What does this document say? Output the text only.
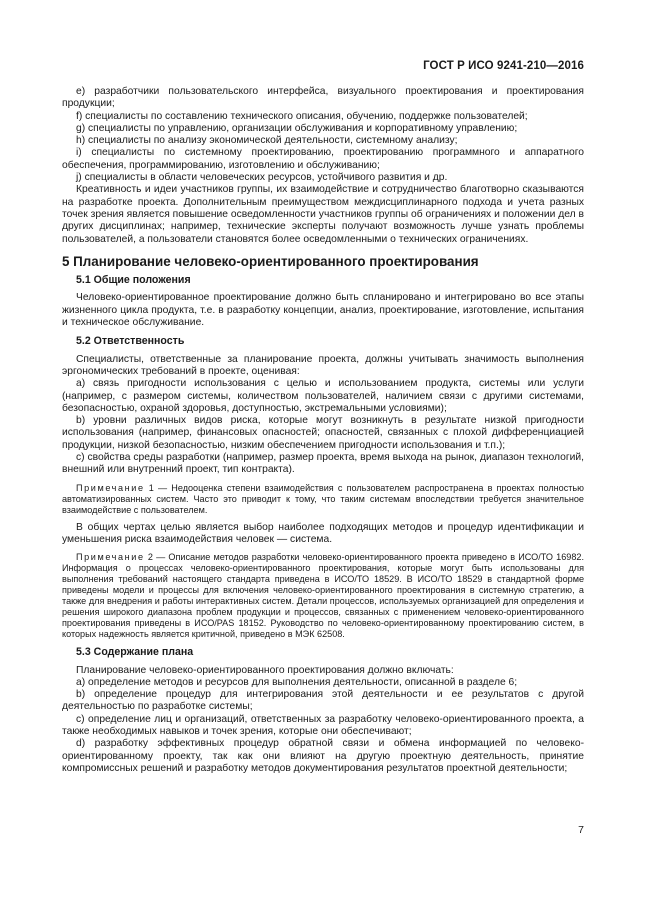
ГОСТ Р ИСО 9241-210—2016

e) разработчики пользовательского интерфейса, визуального проектирования и проектирования продукции;

f) специалисты по составлению технического описания, обучению, поддержке пользователей;

g) специалисты по управлению, организации обслуживания и корпоративному управлению;

h) специалисты по анализу экономической деятельности, системному анализу;

i) специалисты по системному проектированию, проектированию программного и аппаратного обеспечения, программированию, изготовлению и обслуживанию;

j) специалисты в области человеческих ресурсов, устойчивого развития и др.

Креативность и идеи участников группы, их взаимодействие и сотрудничество благотворно сказываются на разработке проекта. Дополнительным преимуществом междисциплинарного подхода и учета разных точек зрения является повышение осведомленности участников группы об ограничениях и положении дел в других дисциплинах; например, технические эксперты получают возможность лучше узнать проблемы пользователей, а пользователи становятся более осведомленными о технических ограничениях.

5 Планирование человеко-ориентированного проектирования
5.1 Общие положения

Человеко-ориентированное проектирование должно быть спланировано и интегрировано во все этапы жизненного цикла продукта, т.е. в разработку концепции, анализ, проектирование, изготовление, испытания и техническое обслуживание.

5.2 Ответственность

Специалисты, ответственные за планирование проекта, должны учитывать значимость выполнения эргономических требований в проекте, оценивая:

а) связь пригодности использования с целью и использованием продукта, системы или услуги (например, с размером системы, количеством пользователей, наличием связи с другими системами, безопасностью, охраной здоровья, доступностью, экстремальными условиями);

b) уровни различных видов риска, которые могут возникнуть в результате низкой пригодности использования (например, финансовых опасностей; опасностей, связанных с плохой дифференциацией продукции, низкой безопасностью, низким обеспечением пригодности использования и т.п.);

с) свойства среды разработки (например, размер проекта, время выхода на рынок, диапазон технологий, внешний или внутренний проект, тип контракта).

Примечание 1 — Недооценка степени взаимодействия с пользователем распространена в проектах полностью автоматизированных систем. Часто это приводит к тому, что таким системам впоследствии требуется значительное взаимодействие с пользователем.

В общих чертах целью является выбор наиболее подходящих методов и процедур идентификации и уменьшения риска взаимодействия человек — система.

Примечание 2 — Описание методов разработки человеко-ориентированного проекта приведено в ИСО/ТО 16982. Информация о процессах человеко-ориентированного проектирования, которые могут быть использованы для выполнения требований настоящего стандарта приведена в ИСО/ТО 18529. В ИСО/ТО 18529 в стандартной форме приведены модели и процессы для включения человеко-ориентированного проектирования в системную стратегию, а также для внедрения и работы интерактивных систем. Детали процессов, используемых организацией для определения и решения широкого диапазона проблем продукции и процессов, связанных с применением человеко-ориентированного проектирования приведены в ИСО/PAS 18152. Руководство по человеко-ориентированному проектированию систем, в которых надежность является критичной, приведено в МЭК 62508.

5.3 Содержание плана

Планирование человеко-ориентированного проектирования должно включать:

а) определение методов и ресурсов для выполнения деятельности, описанной в разделе 6;

b) определение процедур для интегрирования этой деятельности и ее результатов с другой деятельностью по разработке системы;

c) определение лиц и организаций, ответственных за разработку человеко-ориентированного проекта, а также необходимых навыков и точек зрения, которые они обеспечивают;

d) разработку эффективных процедур обратной связи и обмена информацией по человеко-ориентированному проекту, так как они влияют на другую проектную деятельность, принятие компромиссных решений и разработку методов документирования результатов проектной деятельности;

7
